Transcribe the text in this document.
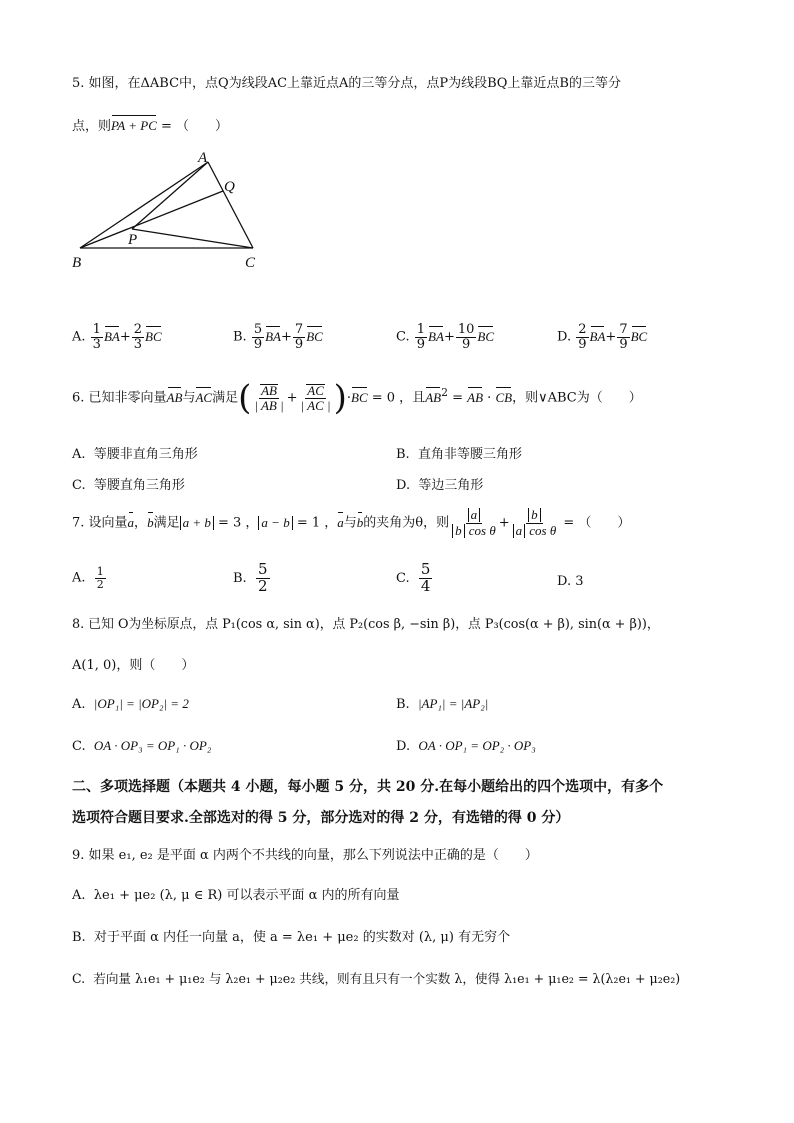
5. 如图，在ΔABC中，点Q为线段AC上靠近点A的三等分点，点P为线段BQ上靠近点B的三等分
点，则PA + PC = （　　）
A
B	C
P
Q
A. $\frac{1}{3} BA+ \frac{2}{3}$ BC	B. $\frac{5}{9} BA+ \frac{7}{9}$ BC	C. $\frac{1}{9} BA+ \frac{10}{9}$ BC	D. $\frac{2}{9} BA+ \frac{7}{9}$ BC
6. 已知非零向量AB与AC满足( $\frac{AB}{| AB |} + \frac{AC}{| AC |} )\cdot BC = 0$ ，且$AB^2$ = AB · CB，则∨ABC为（　　）
A. 等腰非直角三角形	B. 直角非等腰三角形
C. 等腰直角三角形	D. 等边三角形
7. 设向量a，b满足 a + b = 3 ， a − b = 1 ，a与b的夹角为θ，则 $\frac{a}{\text{b cos θ}} + \frac{b}{\text{a cos θ}}$ = （　　）
A. $\frac{1}{2}$	B. $\frac{5}{2}$	C. $\frac{5}{4}$	D. 3
8. 已知 O为坐标原点，点 P₁(cos α, sin α)，点 P₂(cos β, −sin β)，点 P₃(cos(α + β), sin(α + β))，
A(1, 0)，则（　　）
A. |OP₁| = |OP₂| = 2	B. |AP₁| = |AP₂|
C. OA · OP₃ = OP₁ · OP₂	D. OA · OP₁ = OP₂ · OP₃
二、多项选择题（本题共 4 小题，每小题 5 分，共 20 分.在每小题给出的四个选项中，有多个
选项符合题目要求.全部选对的得 5 分，部分选对的得 2 分，有选错的得 0 分）
9. 如果 e₁, e₂ 是平面 α 内两个不共线的向量，那么下列说法中正确的是（　　）
A. λe₁ + μe₂ (λ, μ ∈ R) 可以表示平面 α 内的所有向量
B. 对于平面 α 内任一向量 a，使 a = λe₁ + μe₂ 的实数对 (λ, μ) 有无穷个
C. 若向量 λ₁e₁ + μ₁e₂ 与 λ₂e₁ + μ₂e₂ 共线，则有且只有一个实数 λ，使得 λ₁e₁ + μ₁e₂ = λ(λ₂e₁ + μ₂e₂)
